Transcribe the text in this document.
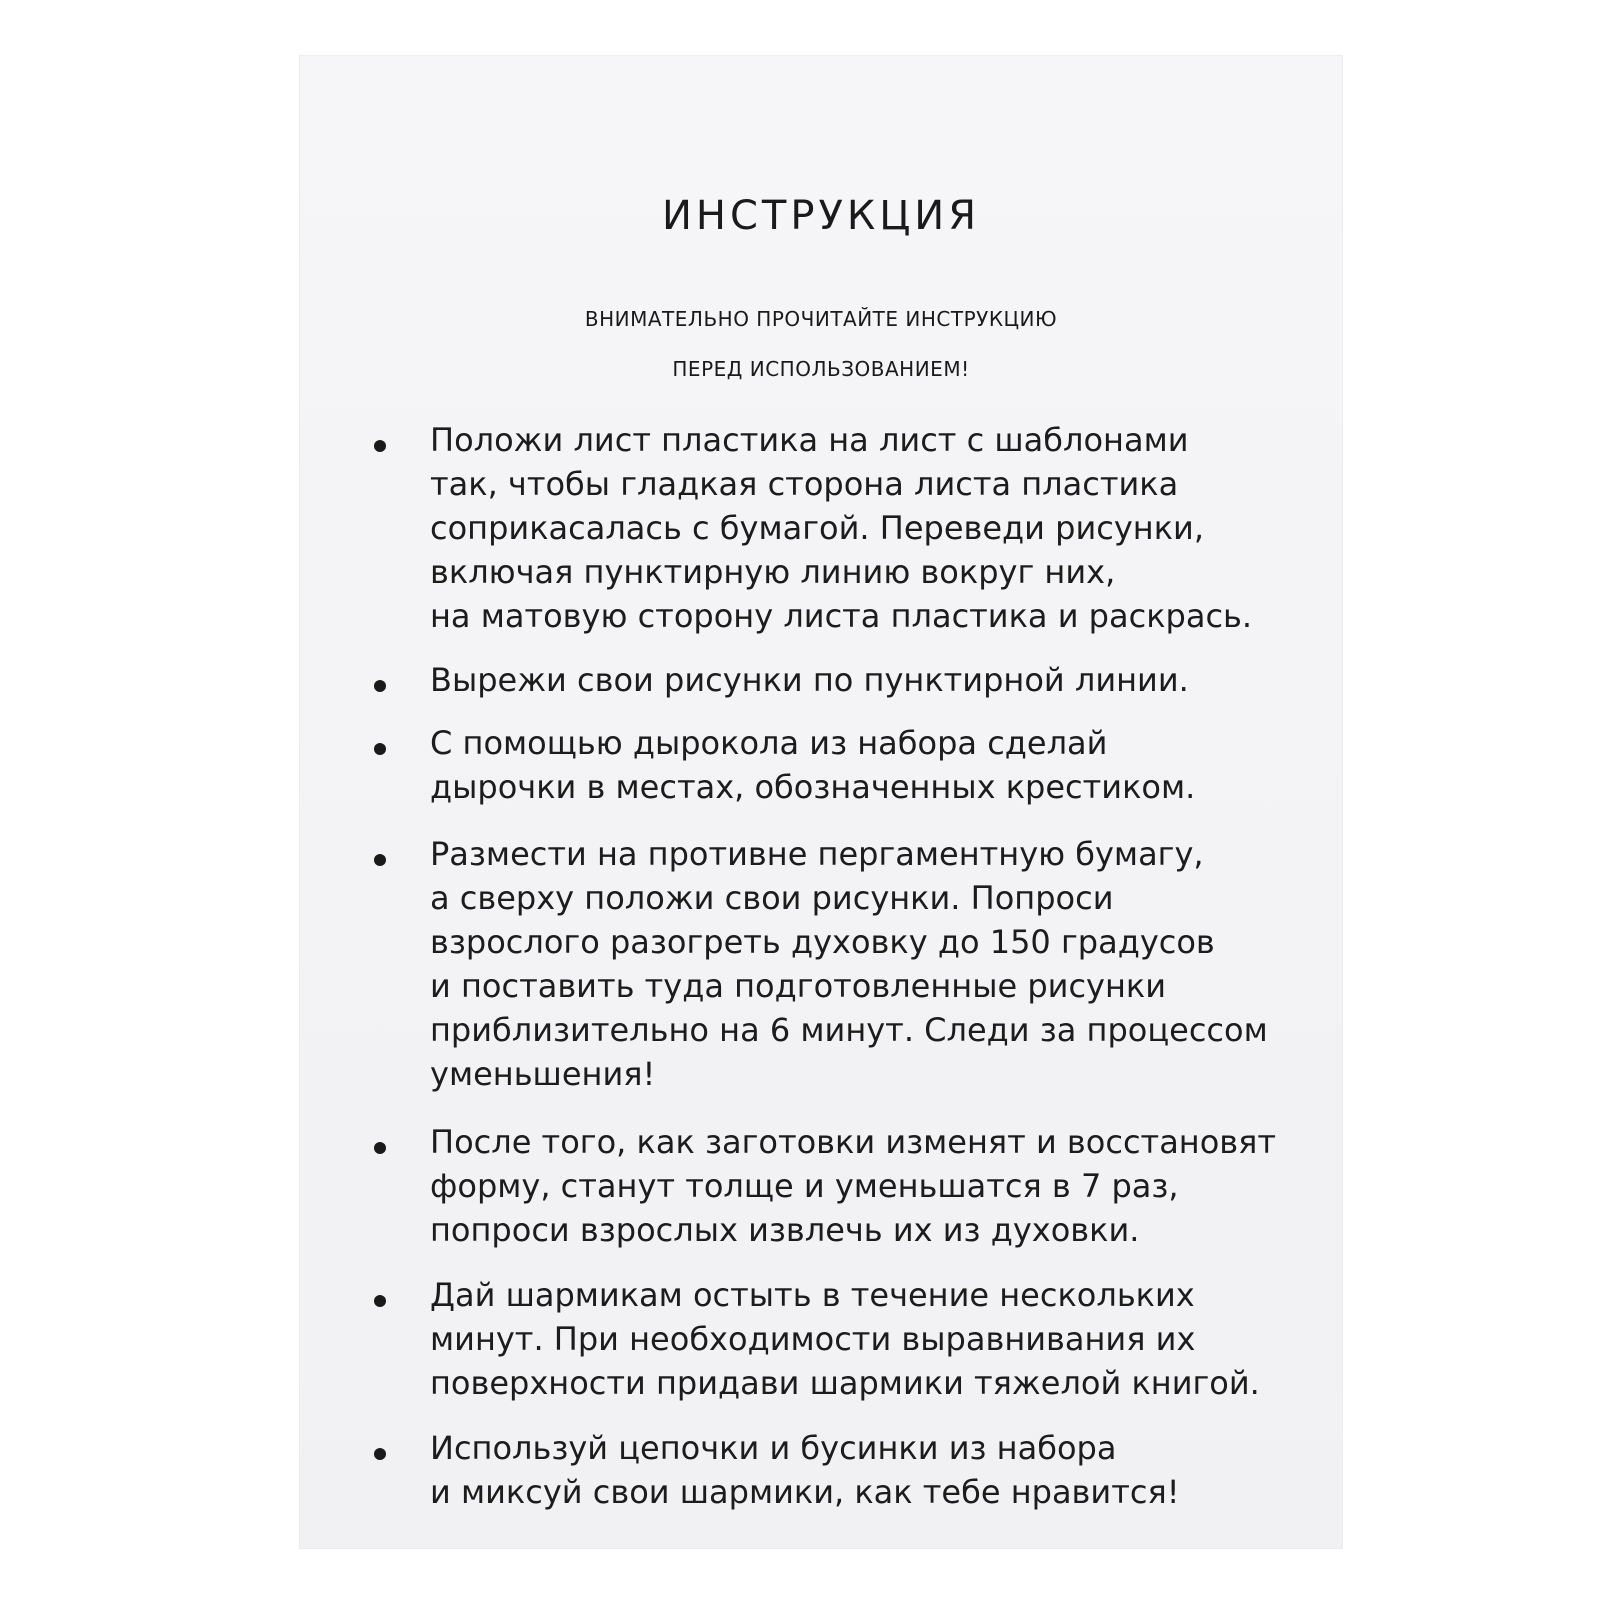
ИНСТРУКЦИЯ

ВНИМАТЕЛЬНО ПРОЧИТАЙТЕ ИНСТРУКЦИЮ
ПЕРЕД ИСПОЛЬЗОВАНИЕМ!

Положи лист пластика на лист с шаблонами
так, чтобы гладкая сторона листа пластика
соприкасалась с бумагой. Переведи рисунки,
включая пунктирную линию вокруг них,
на матовую сторону листа пластика и раскрась.
Вырежи свои рисунки по пунктирной линии.
С помощью дырокола из набора сделай
дырочки в местах, обозначенных крестиком.
Размести на противне пергаментную бумагу,
а сверху положи свои рисунки. Попроси
взрослого разогреть духовку до 150 градусов
и поставить туда подготовленные рисунки
приблизительно на 6 минут. Следи за процессом
уменьшения!
После того, как заготовки изменят и восстановят
форму, станут толще и уменьшатся в 7 раз,
попроси взрослых извлечь их из духовки.
Дай шармикам остыть в течение нескольких
минут. При необходимости выравнивания их
поверхности придави шармики тяжелой книгой.
Используй цепочки и бусинки из набора
и миксуй свои шармики, как тебе нравится!
